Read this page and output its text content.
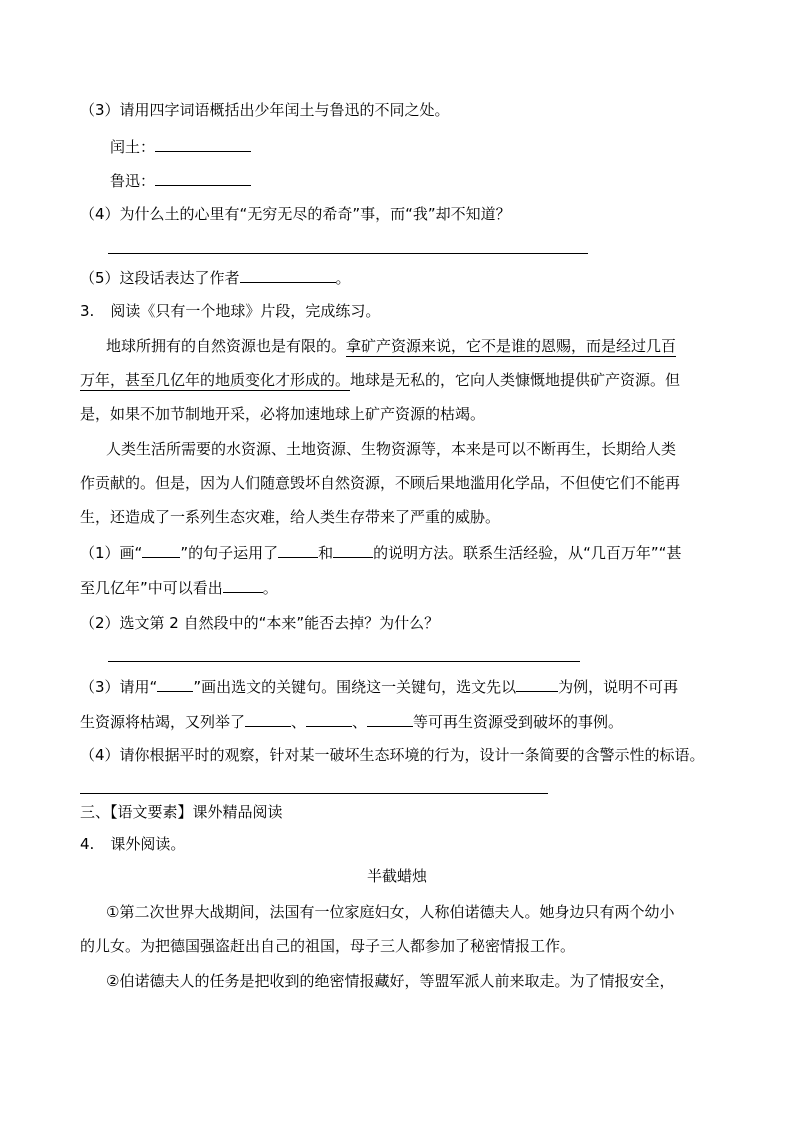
（3）请用四字词语概括出少年闰土与鲁迅的不同之处。
闰土：
鲁迅：
（4）为什么土的心里有“无穷无尽的希奇”事，而“我”却不知道？
（5）这段话表达了作者	。
3. 阅读《只有一个地球》片段，完成练习。
地球所拥有的自然资源也是有限的。拿矿产资源来说，它不是谁的恩赐，而是经过几百
万年，甚至几亿年的地质变化才形成的。地球是无私的，它向人类慷慨地提供矿产资源。但
是，如果不加节制地开采，必将加速地球上矿产资源的枯竭。
人类生活所需要的水资源、土地资源、生物资源等，本来是可以不断再生，长期给人类
作贡献的。但是，因为人们随意毁坏自然资源，不顾后果地滥用化学品，不但使它们不能再
生，还造成了一系列生态灾难，给人类生存带来了严重的威胁。
（1）画“	”的句子运用了	和	的说明方法。联系生活经验，从“几百万年”“甚
至几亿年”中可以看出	。
（2）选文第 2 自然段中的“本来”能否去掉？为什么？
（3）请用“ ”画出选文的关键句。围绕这一关键句，选文先以	为例，说明不可再
生资源将枯竭，又列举了	、	、	等可再生资源受到破坏的事例。
（4）请你根据平时的观察，针对某一破坏生态环境的行为，设计一条简要的含警示性的标语。
三、【语文要素】课外精品阅读
4. 课外阅读。
半截蜡烛
①第二次世界大战期间，法国有一位家庭妇女，人称伯诺德夫人。她身边只有两个幼小
的儿女。为把德国强盗赶出自己的祖国，母子三人都参加了秘密情报工作。
②伯诺德夫人的任务是把收到的绝密情报藏好，等盟军派人前来取走。为了情报安全，
